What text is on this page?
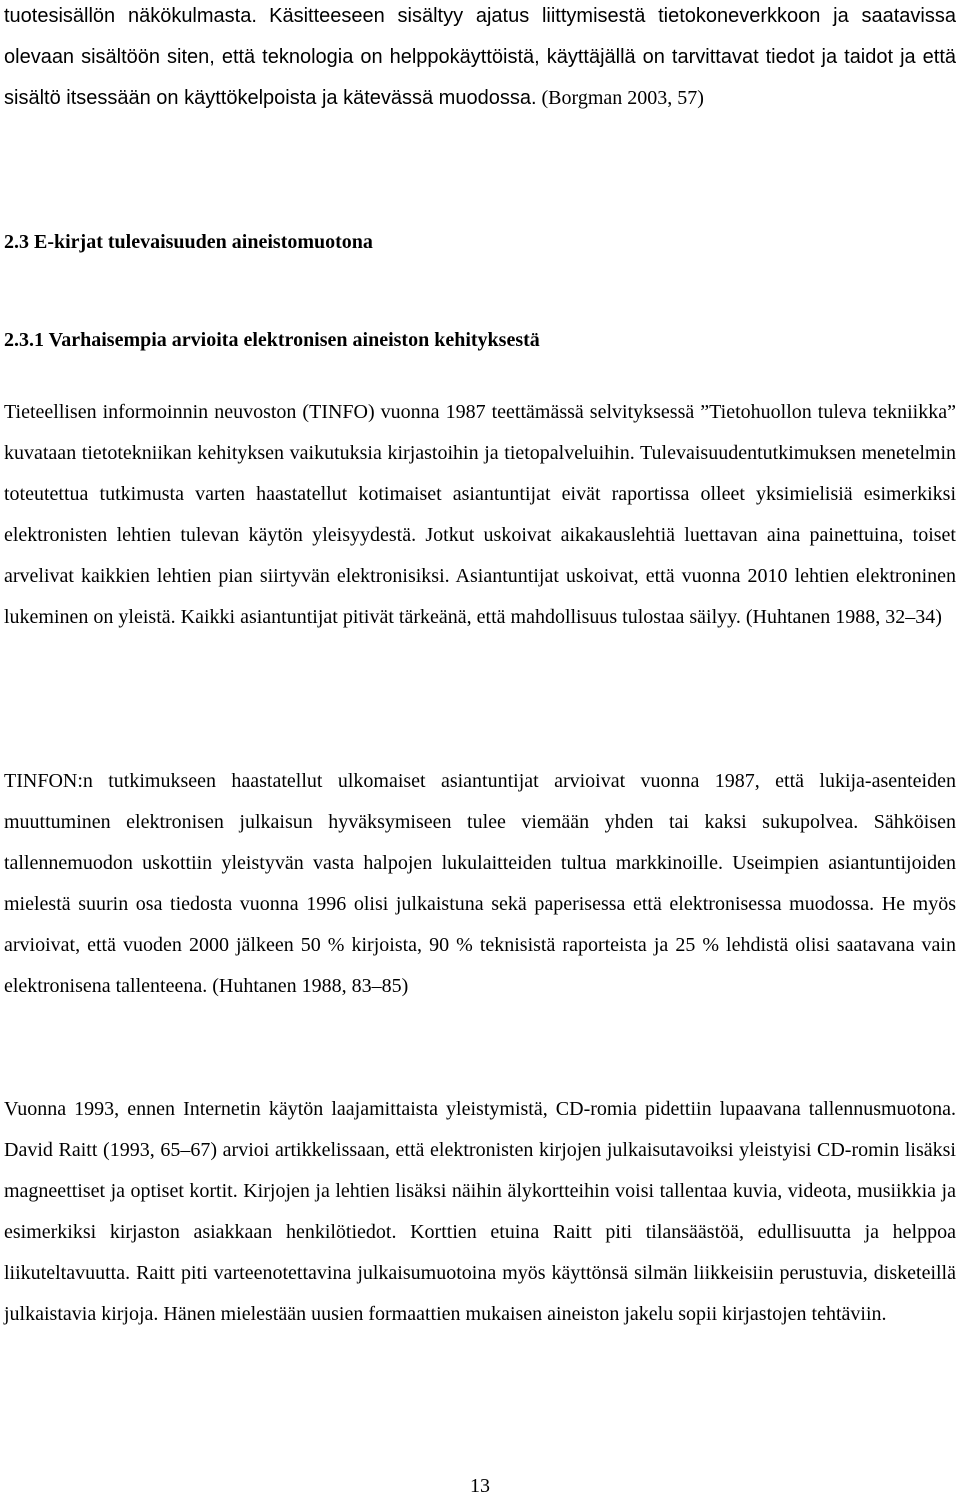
tuotesisällön näkökulmasta. Käsitteeseen sisältyy ajatus liittymisestä tietokoneverkkoon ja saatavissa olevaan sisältöön siten, että teknologia on helppokäyttöistä, käyttäjällä on tarvittavat tiedot ja taidot ja että sisältö itsessään on käyttökelpoista ja kätevässä muodossa. (Borgman 2003, 57)

2.3 E-kirjat tulevaisuuden aineistomuotona
2.3.1 Varhaisempia arvioita elektronisen aineiston kehityksestä

Tieteellisen informoinnin neuvoston (TINFO) vuonna 1987 teettämässä selvityksessä ”Tietohuollon tuleva tekniikka” kuvataan tietotekniikan kehityksen vaikutuksia kirjastoihin ja tietopalveluihin. Tulevaisuudentutkimuksen menetelmin toteutettua tutkimusta varten haastatellut kotimaiset asiantuntijat eivät raportissa olleet yksimielisiä esimerkiksi elektronisten lehtien tulevan käytön yleisyydestä. Jotkut uskoivat aikakauslehtiä luettavan aina painettuina, toiset arvelivat kaikkien lehtien pian siirtyvän elektronisiksi. Asiantuntijat uskoivat, että vuonna 2010 lehtien elektroninen lukeminen on yleistä. Kaikki asiantuntijat pitivät tärkeänä, että mahdollisuus tulostaa säilyy. (Huhtanen 1988, 32–34)

TINFON:n tutkimukseen haastatellut ulkomaiset asiantuntijat arvioivat vuonna 1987, että lukija-asenteiden muuttuminen elektronisen julkaisun hyväksymiseen tulee viemään yhden tai kaksi sukupolvea. Sähköisen tallennemuodon uskottiin yleistyvän vasta halpojen lukulaitteiden tultua markkinoille. Useimpien asiantuntijoiden mielestä suurin osa tiedosta vuonna 1996 olisi julkaistuna sekä paperisessa että elektronisessa muodossa. He myös arvioivat, että vuoden 2000 jälkeen 50 % kirjoista, 90 % teknisistä raporteista ja 25 % lehdistä olisi saatavana vain elektronisena tallenteena. (Huhtanen 1988, 83–85)

Vuonna 1993, ennen Internetin käytön laajamittaista yleistymistä, CD-romia pidettiin lupaavana tallennusmuotona. David Raitt (1993, 65–67) arvioi artikkelissaan, että elektronisten kirjojen julkaisutavoiksi yleistyisi CD-romin lisäksi magneettiset ja optiset kortit. Kirjojen ja lehtien lisäksi näihin älykortteihin voisi tallentaa kuvia, videota, musiikkia ja esimerkiksi kirjaston asiakkaan henkilötiedot. Korttien etuina Raitt piti tilansäästöä, edullisuutta ja helppoa liikuteltavuutta. Raitt piti varteenotettavina julkaisumuotoina myös käyttönsä silmän liikkeisiin perustuvia, disketeillä julkaistavia kirjoja. Hänen mielestään uusien formaattien mukaisen aineiston jakelu sopii kirjastojen tehtäviin.

13
